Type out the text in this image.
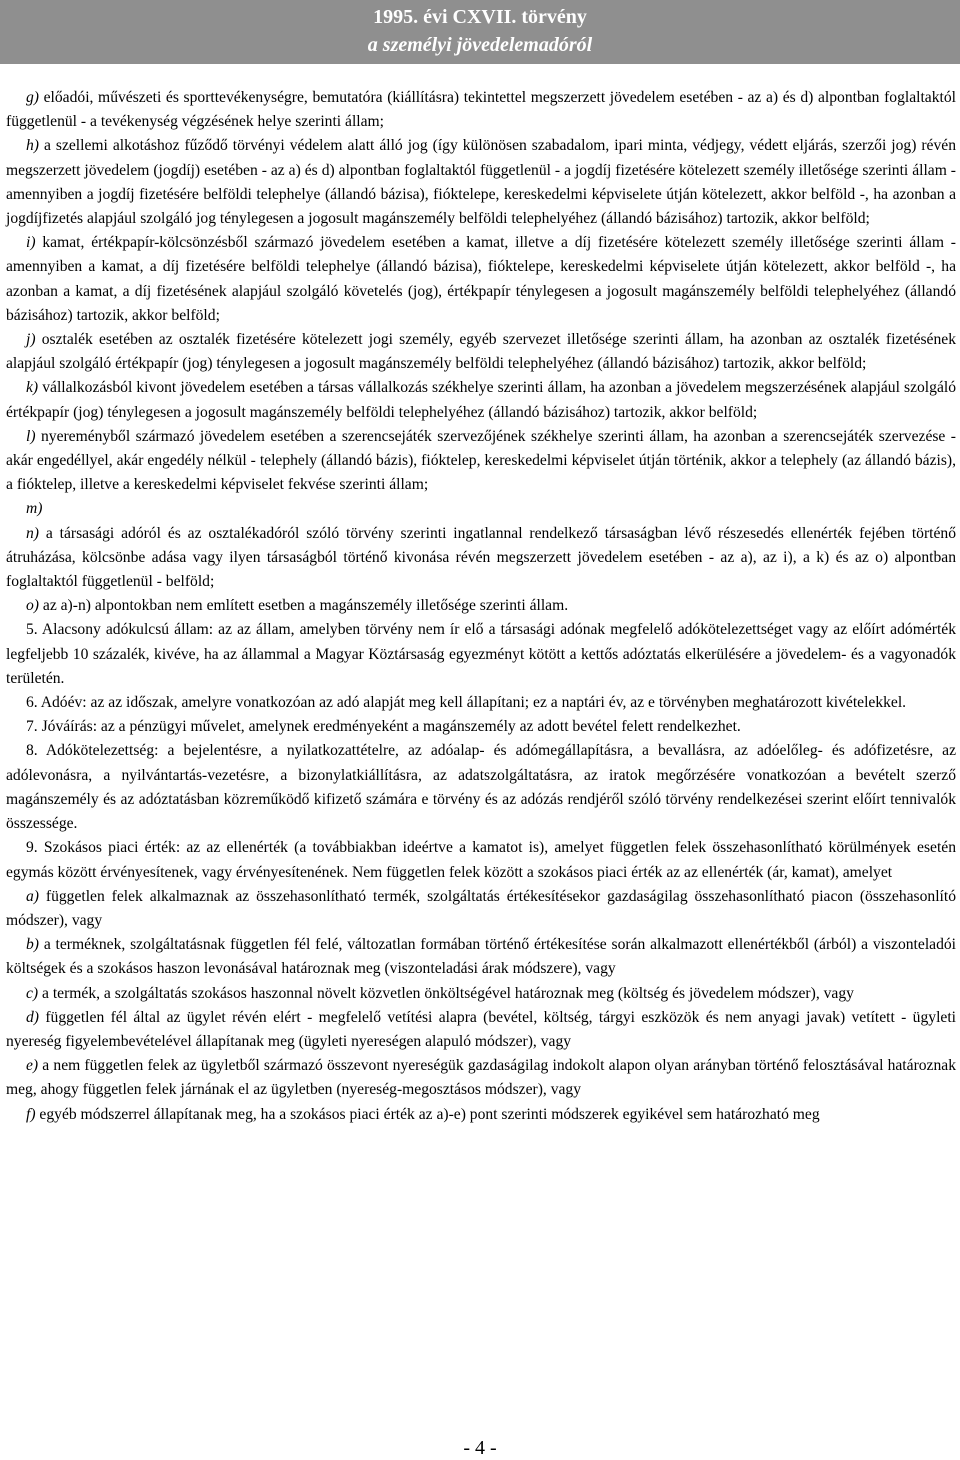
1995. évi CXVII. törvény
a személyi jövedelemadóról

g) előadói, művészeti és sporttevékenységre, bemutatóra (kiállításra) tekintettel megszerzett jövedelem esetében - az a) és d) alpontban foglaltaktól függetlenül - a tevékenység végzésének helye szerinti állam;

h) a szellemi alkotáshoz fűződő törvényi védelem alatt álló jog (így különösen szabadalom, ipari minta, védjegy, védett eljárás, szerzői jog) révén megszerzett jövedelem (jogdíj) esetében - az a) és d) alpontban foglaltaktól függetlenül - a jogdíj fizetésére kötelezett személy illetősége szerinti állam - amennyiben a jogdíj fizetésére belföldi telephelye (állandó bázisa), fióktelepe, kereskedelmi képviselete útján kötelezett, akkor belföld -, ha azonban a jogdíjfizetés alapjául szolgáló jog ténylegesen a jogosult magánszemély belföldi telephelyéhez (állandó bázisához) tartozik, akkor belföld;

i) kamat, értékpapír-kölcsönzésből származó jövedelem esetében a kamat, illetve a díj fizetésére kötelezett személy illetősége szerinti állam - amennyiben a kamat, a díj fizetésére belföldi telephelye (állandó bázisa), fióktelepe, kereskedelmi képviselete útján kötelezett, akkor belföld -, ha azonban a kamat, a díj fizetésének alapjául szolgáló követelés (jog), értékpapír ténylegesen a jogosult magánszemély belföldi telephelyéhez (állandó bázisához) tartozik, akkor belföld;

j) osztalék esetében az osztalék fizetésére kötelezett jogi személy, egyéb szervezet illetősége szerinti állam, ha azonban az osztalék fizetésének alapjául szolgáló értékpapír (jog) ténylegesen a jogosult magánszemély belföldi telephelyéhez (állandó bázisához) tartozik, akkor belföld;

k) vállalkozásból kivont jövedelem esetében a társas vállalkozás székhelye szerinti állam, ha azonban a jövedelem megszerzésének alapjául szolgáló értékpapír (jog) ténylegesen a jogosult magánszemély belföldi telephelyéhez (állandó bázisához) tartozik, akkor belföld;

l) nyereményből származó jövedelem esetében a szerencsejáték szervezőjének székhelye szerinti állam, ha azonban a szerencsejáték szervezése - akár engedéllyel, akár engedély nélkül - telephely (állandó bázis), fióktelep, kereskedelmi képviselet útján történik, akkor a telephely (az állandó bázis), a fióktelep, illetve a kereskedelmi képviselet fekvése szerinti állam;

m)

n) a társasági adóról és az osztalékadóról szóló törvény szerinti ingatlannal rendelkező társaságban lévő részesedés ellenérték fejében történő átruházása, kölcsönbe adása vagy ilyen társaságból történő kivonása révén megszerzett jövedelem esetében - az a), az i), a k) és az o) alpontban foglaltaktól függetlenül - belföld;

o) az a)-n) alpontokban nem említett esetben a magánszemély illetősége szerinti állam.

5. Alacsony adókulcsú állam: az az állam, amelyben törvény nem ír elő a társasági adónak megfelelő adókötelezettséget vagy az előírt adómérték legfeljebb 10 százalék, kivéve, ha az állammal a Magyar Köztársaság egyezményt kötött a kettős adóztatás elkerülésére a jövedelem- és a vagyonadók területén.

6. Adóév: az az időszak, amelyre vonatkozóan az adó alapját meg kell állapítani; ez a naptári év, az e törvényben meghatározott kivételekkel.

7. Jóváírás: az a pénzügyi művelet, amelynek eredményeként a magánszemély az adott bevétel felett rendelkezhet.

8. Adókötelezettség: a bejelentésre, a nyilatkozattételre, az adóalap- és adómegállapításra, a bevallásra, az adóelőleg- és adófizetésre, az adólevonásra, a nyilvántartás-vezetésre, a bizonylatkiállításra, az adatszolgáltatásra, az iratok megőrzésére vonatkozóan a bevételt szerző magánszemély és az adóztatásban közreműködő kifizető számára e törvény és az adózás rendjéről szóló törvény rendelkezései szerint előírt tennivalók összessége.

9. Szokásos piaci érték: az az ellenérték (a továbbiakban ideértve a kamatot is), amelyet független felek összehasonlítható körülmények esetén egymás között érvényesítenek, vagy érvényesítenének. Nem független felek között a szokásos piaci érték az az ellenérték (ár, kamat), amelyet

a) független felek alkalmaznak az összehasonlítható termék, szolgáltatás értékesítésekor gazdaságilag összehasonlítható piacon (összehasonlító módszer), vagy

b) a terméknek, szolgáltatásnak független fél felé, változatlan formában történő értékesítése során alkalmazott ellenértékből (árból) a viszonteladói költségek és a szokásos haszon levonásával határoznak meg (viszonteladási árak módszere), vagy

c) a termék, a szolgáltatás szokásos haszonnal növelt közvetlen önköltségével határoznak meg (költség és jövedelem módszer), vagy

d) független fél által az ügylet révén elért - megfelelő vetítési alapra (bevétel, költség, tárgyi eszközök és nem anyagi javak) vetített - ügyleti nyereség figyelembevételével állapítanak meg (ügyleti nyereségen alapuló módszer), vagy

e) a nem független felek az ügyletből származó összevont nyereségük gazdaságilag indokolt alapon olyan arányban történő felosztásával határoznak meg, ahogy független felek járnának el az ügyletben (nyereség-megosztásos módszer), vagy

f) egyéb módszerrel állapítanak meg, ha a szokásos piaci érték az a)-e) pont szerinti módszerek egyikével sem határozható meg

- 4 -
